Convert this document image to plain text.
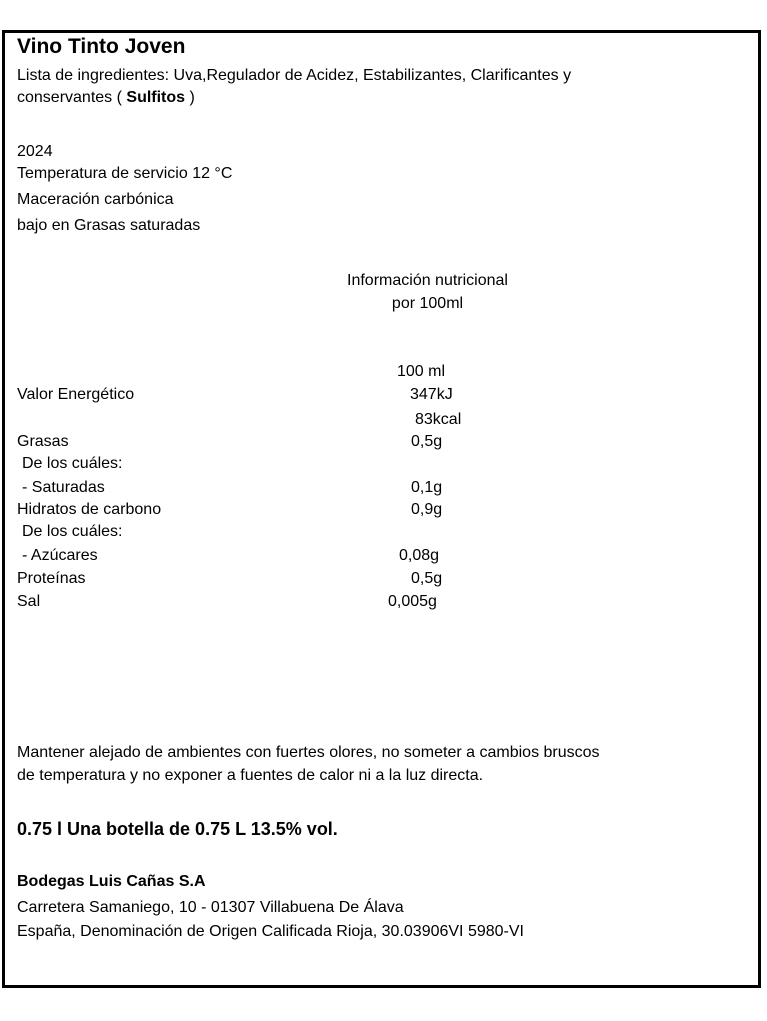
Vino Tinto Joven
Lista de ingredientes: Uva,Regulador de Acidez, Estabilizantes, Clarificantes y
conservantes ( Sulfitos )
2024
Temperatura de servicio 12 °C
Maceración carbónica
bajo en Grasas saturadas
Información nutricional
por 100ml
100 ml
Valor Energético	347kJ
83kcal
Grasas	0,5g
De los cuáles:
- Saturadas	0,1g
Hidratos de carbono	0,9g
De los cuáles:
- Azúcares	0,08g
Proteínas	0,5g
Sal	0,005g
Mantener alejado de ambientes con fuertes olores, no someter a cambios bruscos
de temperatura y no exponer a fuentes de calor ni a la luz directa.
0.75 l Una botella de 0.75 L 13.5% vol.
Bodegas Luis Cañas S.A
Carretera Samaniego, 10 - 01307 Villabuena De Álava
España, Denominación de Origen Calificada Rioja, 30.03906VI 5980-VI
